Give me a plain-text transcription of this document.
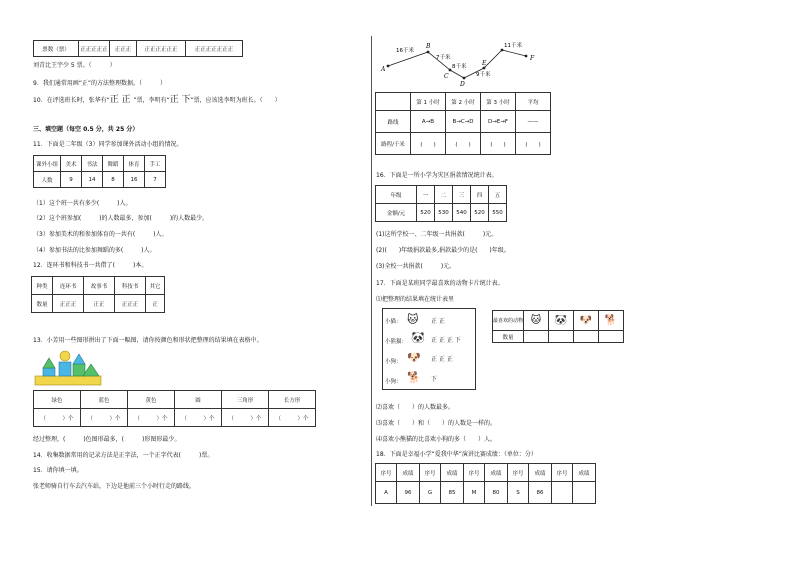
票数（票）	正正正正正	正正正	正正正正正正	正正正正正正正
刘青比王宇少 5 票。（　　　）
9．我们通常用画“正”的方法整理数据。（　　　）
10．在评选班长时，张华有“正 正 ”票，李明有“正 下”票，应该选李明为班长。（　　）
三、填空题（每空 0.5 分，共 25 分）
11．下面是二年级（3）同学参加课外活动小组的情况。
课外小组	美术	书法	舞蹈	体育	手工
人数	9	14	8	16	7
（1）这个班一共有多少(　　　)人。
（2）这个班参加(　　　)的人数最多，参加(　　　)的人数最少。
（3）参加美术的和参加体育的一共有(　　　)人。
（4）参加书法的比参加舞蹈的多(　　　)人。
12．连环书和科技书一共借了(　　　)本。
种类	连环书	故事书	科技书	其它
数量	正正正	正正	正正正	正
13．小芳用一些图形拼出了下面一幅图，请你按颜色和形状把整理的结果填在表格中。
绿色	蓝色	黄色	圆	三角形	长方形
（　　　）个	（　　　）个	（　　　）个	（　　　）个	（　　　）个	（　　　）个
经过整理，(　　　)色图形最多，(　　　)形图形最少。
14．收集数据常用的记录方法是正字法，一个正字代表(　　　)票。
15．请你填一填。
张老师骑自行车去汽车站，下边是他前三个小时行走的路线。
A
B
C
D
E
F
16千米
7千米
8千米
9千米
11千米
	第 1 小时	第 2 小时	第 3 小时	平均
路线	A→B	B→C→D	D→E→F	——
路程/千米	(　　)	(　　)	(　　)	(　　)
16．下面是一所小学为灾区捐款情况统计表。
年级	一	二	三	四	五
金额/元	520	530	540	520	550
(1)这所学校一、二年级一共捐款(　　　)元。
(2)(　　)年级捐款最多,捐款最少的是(　　)年级。
(3)全校一共捐款(　　　)元。
17．下面是某班同学最喜欢的动物卡片统计表。
⑴把整理的结果填在统计表里
小猫： 🐱 正 正
小熊猫： 🐼 正 正 正 下
小狗： 🐶 正 正 正
小狗： 🐕 下
最喜欢的动物	🐱	🐼	🐶	🐕
数量				
⑵喜欢（　　）的人数最多。
⑶喜欢（　　）和（　　）的人数是一样的。
⑷喜欢小熊猫的比喜欢小狗的多（　　）人。
18．下面是幸福小学“爱我中华”演讲比赛成绩：（单位：分）
序号	成绩	序号	成绩	序号	成绩	序号	成绩	序号	成绩
A	96	G	85	M	80	S	86		
